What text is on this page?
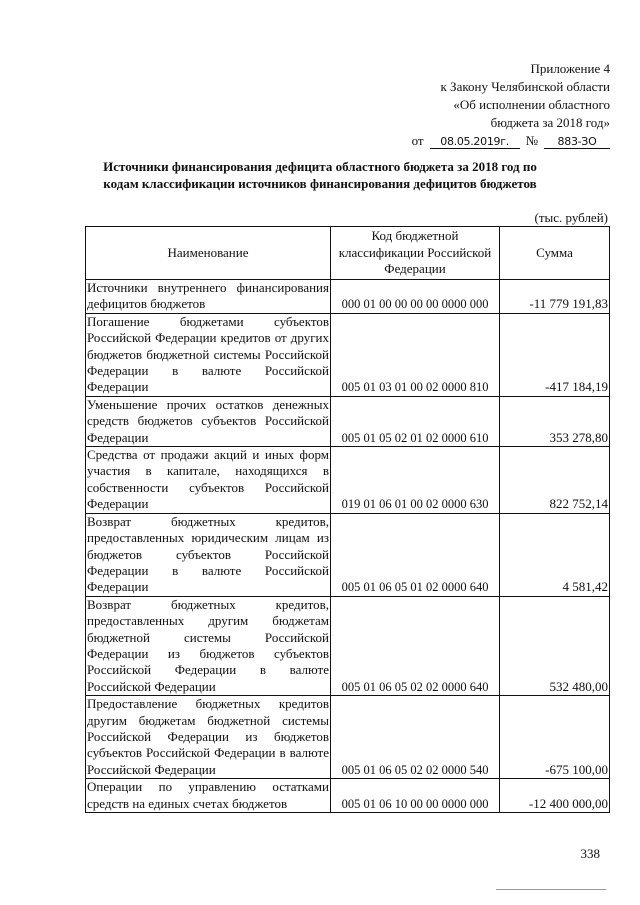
Приложение 4
к Закону Челябинской области
«Об исполнении областного
бюджета за 2018 год»
от	08.05.2019г.	№	883-ЗО
Источники финансирования дефицита областного бюджета за 2018 год по кодам классификации источников финансирования дефицитов бюджетов
(тыс. рублей)
Наименование	Код бюджетной классификации Российской Федерации	Сумма
Источники внутреннего финансирования дефицитов бюджетов	000 01 00 00 00 00 0000 000	-11 779 191,83
Погашение бюджетами субъектов Российской Федерации кредитов от других бюджетов бюджетной системы Российской Федерации в валюте Российской Федерации	005 01 03 01 00 02 0000 810	-417 184,19
Уменьшение прочих остатков денежных средств бюджетов субъектов Российской Федерации	005 01 05 02 01 02 0000 610	353 278,80
Средства от продажи акций и иных форм участия в капитале, находящихся в собственности субъектов Российской Федерации	019 01 06 01 00 02 0000 630	822 752,14
Возврат бюджетных кредитов, предоставленных юридическим лицам из бюджетов субъектов Российской Федерации в валюте Российской Федерации	005 01 06 05 01 02 0000 640	4 581,42
Возврат бюджетных кредитов, предоставленных другим бюджетам бюджетной системы Российской Федерации из бюджетов субъектов Российской Федерации в валюте Российской Федерации	005 01 06 05 02 02 0000 640	532 480,00
Предоставление бюджетных кредитов другим бюджетам бюджетной системы Российской Федерации из бюджетов субъектов Российской Федерации в валюте Российской Федерации	005 01 06 05 02 02 0000 540	-675 100,00
Операции по управлению остатками средств на единых счетах бюджетов	005 01 06 10 00 00 0000 000	-12 400 000,00
338
